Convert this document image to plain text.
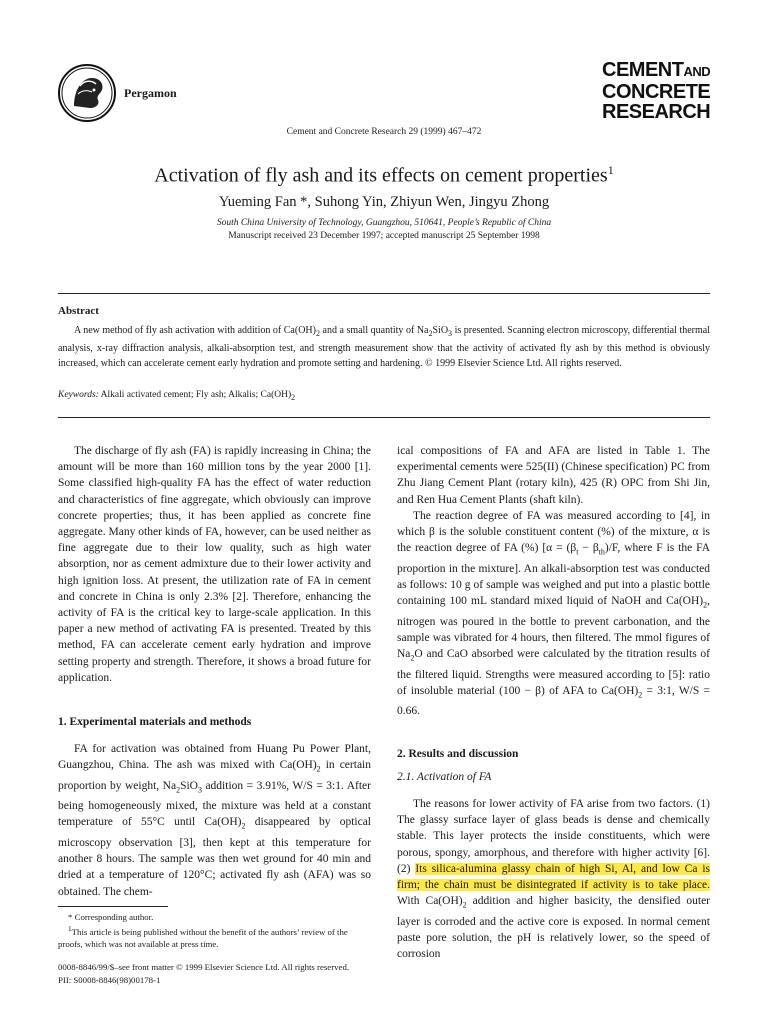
Pergamon
CEMENTAND
CONCRETE
RESEARCH
Cement and Concrete Research 29 (1999) 467–472
Activation of fly ash and its effects on cement properties$^1$
Yueming Fan *, Suhong Yin, Zhiyun Wen, Jingyu Zhong
South China University of Technology, Guangzhou, 510641, People’s Republic of China
Manuscript received 23 December 1997; accepted manuscript 25 September 1998
Abstract
A new method of fly ash activation with addition of $Ca(OH)_2$ and a small quantity of $Na_2SiO_3$ is presented. Scanning electron microscopy, differential thermal analysis, x-ray diffraction analysis, alkali-absorption test, and strength measurement show that the activity of activated fly ash by this method is obviously increased, which can accelerate cement early hydration and promote setting and hardening. © 1999 Elsevier Science Ltd. All rights reserved.
Keywords: Alkali activated cement; Fly ash; Alkalis; $Ca(OH)_2$

The discharge of fly ash (FA) is rapidly increasing in China; the amount will be more than 160 million tons by the year 2000 [1]. Some classified high-quality FA has the effect of water reduction and characteristics of fine aggregate, which obviously can improve concrete properties; thus, it has been applied as concrete fine aggregate. Many other kinds of FA, however, can be used neither as fine aggregate due to their low quality, such as high water absorption, nor as cement admixture due to their lower activity and high ignition loss. At present, the utilization rate of FA in cement and concrete in China is only 2.3% [2]. Therefore, enhancing the activity of FA is the critical key to large-scale application. In this paper a new method of activating FA is presented. Treated by this method, FA can accelerate cement early hydration and improve setting property and strength. Therefore, it shows a broad future for application.

1. Experimental materials and methods

FA for activation was obtained from Huang Pu Power Plant, Guangzhou, China. The ash was mixed with $Ca(OH)_2$ in certain proportion by weight, $Na_2SiO_3$ addition = 3.91%, W/S = 3:1. After being homogeneously mixed, the mixture was held at a constant temperature of 55°C until $Ca(OH)_2$ disappeared by optical microscopy observation [3], then kept at this temperature for another 8 hours. The sample was then wet ground for 40 min and dried at a temperature of 120°C; activated fly ash (AFA) was so obtained. The chem-

* Corresponding author.

$^1$This article is being published without the benefit of the authors’ review of the proofs, which was not available at press time.

0008-8846/99/$–see front matter © 1999 Elsevier Science Ltd. All rights reserved.
PII: S0008-8846(98)00178-1

ical compositions of FA and AFA are listed in Table 1. The experimental cements were 525(II) (Chinese specification) PC from Zhu Jiang Cement Plant (rotary kiln), 425 (R) OPC from Shi Jin, and Ren Hua Cement Plants (shaft kiln).

The reaction degree of FA was measured according to [4], in which β is the soluble constituent content (%) of the mixture, α is the reaction degree of FA (%) [$\alpha = (\beta_t - \beta_{th})/F$, where F is the FA proportion in the mixture]. An alkali-absorption test was conducted as follows: 10 g of sample was weighed and put into a plastic bottle containing 100 mL standard mixed liquid of NaOH and $Ca(OH)_2$, nitrogen was poured in the bottle to prevent carbonation, and the sample was vibrated for 4 hours, then filtered. The mmol figures of $Na_2O$ and CaO absorbed were calculated by the titration results of the filtered liquid. Strengths were measured according to [5]: ratio of insoluble material (100 − β) of AFA to $Ca(OH)_2$ = 3:1, W/S = 0.66.

2. Results and discussion
2.1. Activation of FA

The reasons for lower activity of FA arise from two factors. (1) The glassy surface layer of glass beads is dense and chemically stable. This layer protects the inside constituents, which were porous, spongy, amorphous, and therefore with higher activity [6]. (2) Its silica-alumina glassy chain of high Si, Al, and low Ca is firm; the chain must be disintegrated if activity is to take place. With $Ca(OH)_2$ addition and higher basicity, the densified outer layer is corroded and the active core is exposed. In normal cement paste pore solution, the pH is relatively lower, so the speed of corrosion
